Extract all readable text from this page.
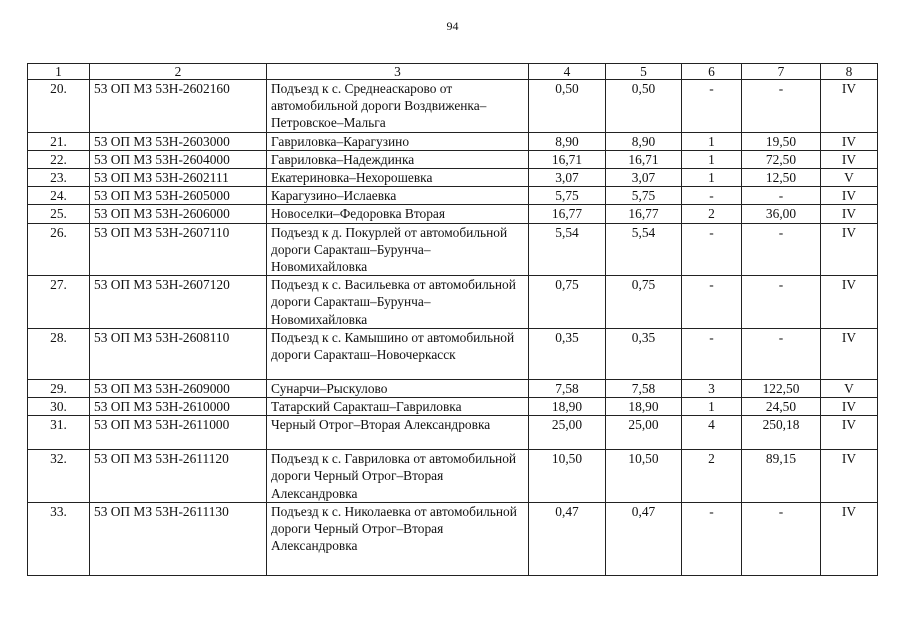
94
1	2	3	4	5	6	7	8
20.	53 ОП МЗ 53Н-2602160	Подъезд к с. Среднеаскарово от автомобильной дороги Воздвиженка–Петровское–Мальга	0,50	0,50	-	-	IV
21.	53 ОП МЗ 53Н-2603000	Гавриловка–Карагузино	8,90	8,90	1	19,50	IV
22.	53 ОП МЗ 53Н-2604000	Гавриловка–Надеждинка	16,71	16,71	1	72,50	IV
23.	53 ОП МЗ 53Н-2602111	Екатериновка–Нехорошевка	3,07	3,07	1	12,50	V
24.	53 ОП МЗ 53Н-2605000	Карагузино–Ислаевка	5,75	5,75	-	-	IV
25.	53 ОП МЗ 53Н-2606000	Новоселки–Федоровка Вторая	16,77	16,77	2	36,00	IV
26.	53 ОП МЗ 53Н-2607110	Подъезд к д. Покурлей от автомобильной дороги Саракташ–Бурунча–Новомихайловка	5,54	5,54	-	-	IV
27.	53 ОП МЗ 53Н-2607120	Подъезд к с. Васильевка от автомобильной дороги Саракташ–Бурунча–Новомихайловка	0,75	0,75	-	-	IV
28.	53 ОП МЗ 53Н-2608110	Подъезд к с. Камышино от автомобильной дороги Саракташ–Новочеркасск	0,35	0,35	-	-	IV
29.	53 ОП МЗ 53Н-2609000	Сунарчи–Рыскулово	7,58	7,58	3	122,50	V
30.	53 ОП МЗ 53Н-2610000	Татарский Саракташ–Гавриловка	18,90	18,90	1	24,50	IV
31.	53 ОП МЗ 53Н-2611000	Черный Отрог–Вторая Александровка	25,00	25,00	4	250,18	IV
32.	53 ОП МЗ 53Н-2611120	Подъезд к с. Гавриловка от автомобильной дороги Черный Отрог–Вторая Александровка	10,50	10,50	2	89,15	IV
33.	53 ОП МЗ 53Н-2611130	Подъезд к с. Николаевка от автомобильной дороги Черный Отрог–Вторая Александровка	0,47	0,47	-	-	IV
